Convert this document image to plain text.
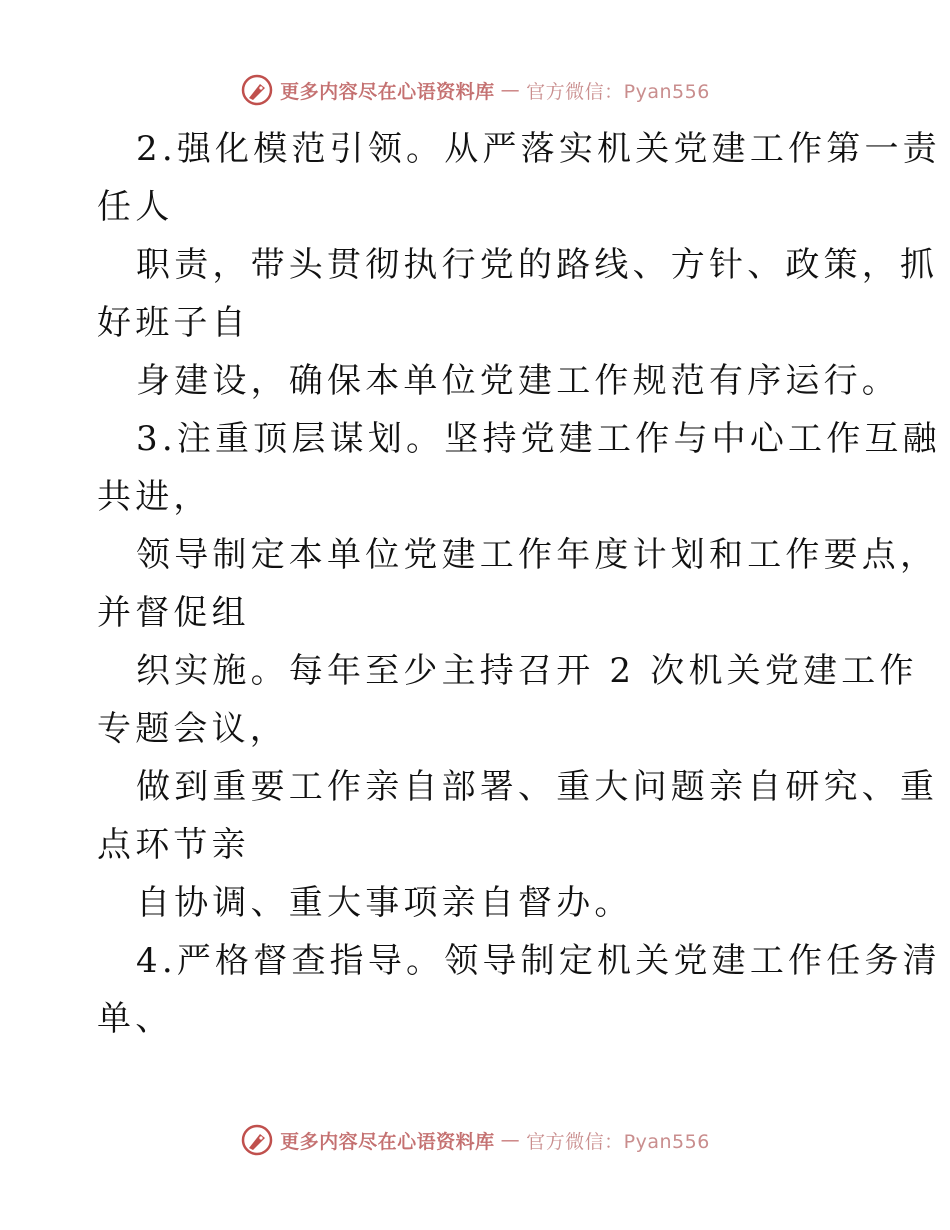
更多内容尽在心语资料库 — 官方微信：Pyan556
2.强化模范引领。从严落实机关党建工作第一责
任人
职责，带头贯彻执行党的路线、方针、政策，抓
好班子自
身建设，确保本单位党建工作规范有序运行。
3.注重顶层谋划。坚持党建工作与中心工作互融
共进，
领导制定本单位党建工作年度计划和工作要点，
并督促组
织实施。每年至少主持召开 2 次机关党建工作
专题会议，
做到重要工作亲自部署、重大问题亲自研究、重
点环节亲
自协调、重大事项亲自督办。
4.严格督查指导。领导制定机关党建工作任务清
单、
更多内容尽在心语资料库 — 官方微信：Pyan556
